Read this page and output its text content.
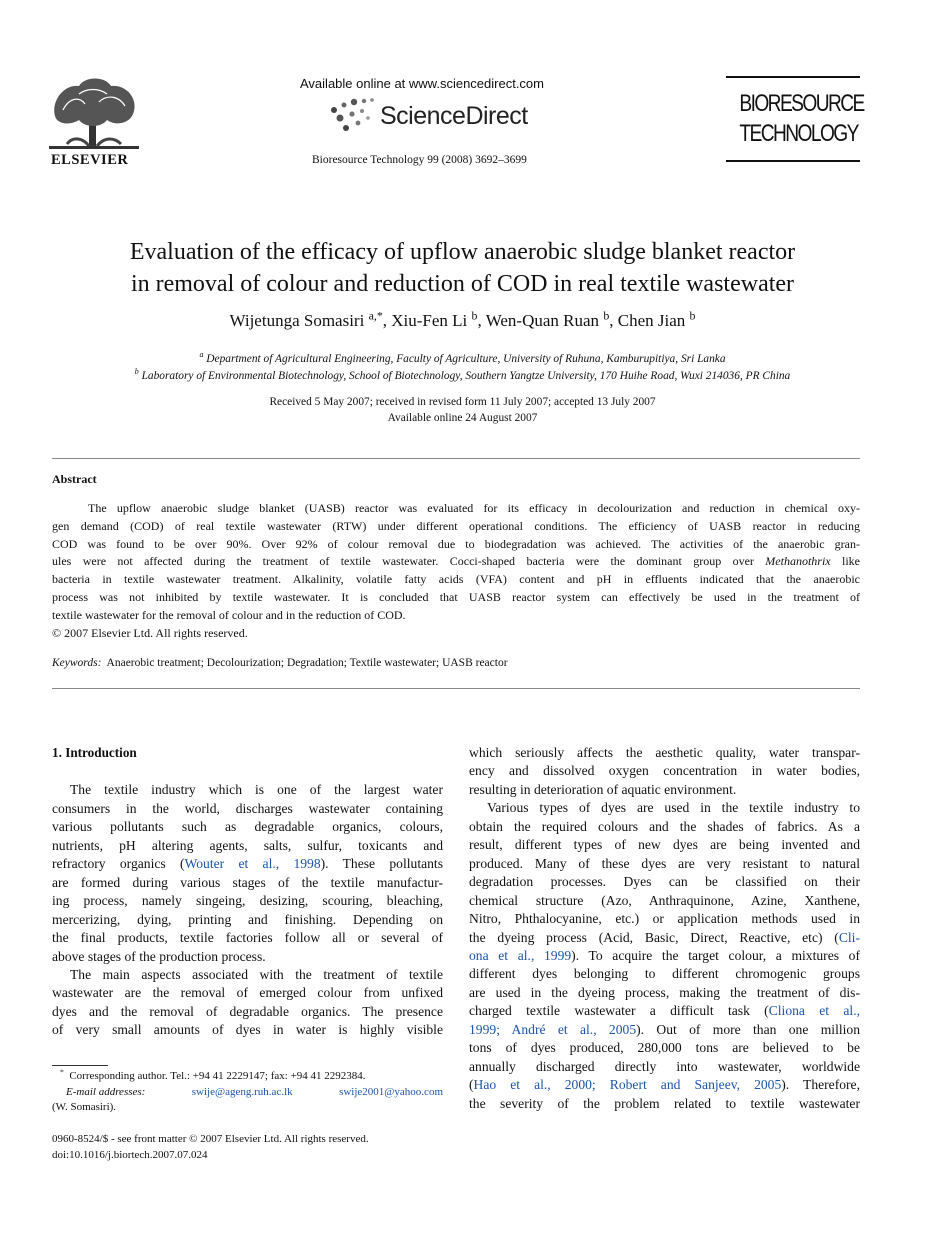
ELSEVIER
Available online at www.sciencedirect.com
ScienceDirect
Bioresource Technology 99 (2008) 3692–3699
BIORESOURCE
TECHNOLOGY
Evaluation of the efficacy of upflow anaerobic sludge blanket reactor
in removal of colour and reduction of COD in real textile wastewater
Wijetunga Somasiri $^{a,*}$, Xiu-Fen Li $^b$, Wen-Quan Ruan $^b$, Chen Jian $^b$
$^a$ Department of Agricultural Engineering, Faculty of Agriculture, University of Ruhuna, Kamburupitiya, Sri Lanka
$^b$ Laboratory of Environmental Biotechnology, School of Biotechnology, Southern Yangtze University, 170 Huihe Road, Wuxi 214036, PR China
Received 5 May 2007; received in revised form 11 July 2007; accepted 13 July 2007
Available online 24 August 2007
Abstract
The upflow anaerobic sludge blanket (UASB) reactor was evaluated for its efficacy in decolourization and reduction in chemical oxy-
gen demand (COD) of real textile wastewater (RTW) under different operational conditions. The efficiency of UASB reactor in reducing
COD was found to be over 90%. Over 92% of colour removal due to biodegradation was achieved. The activities of the anaerobic gran-
ules were not affected during the treatment of textile wastewater. Cocci-shaped bacteria were the dominant group over Methanothrix like
bacteria in textile wastewater treatment. Alkalinity, volatile fatty acids (VFA) content and pH in effluents indicated that the anaerobic
process was not inhibited by textile wastewater. It is concluded that UASB reactor system can effectively be used in the treatment of
textile wastewater for the removal of colour and in the reduction of COD.
© 2007 Elsevier Ltd. All rights reserved.
Keywords: Anaerobic treatment; Decolourization; Degradation; Textile wastewater; UASB reactor
1. Introduction
The textile industry which is one of the largest water
consumers in the world, discharges wastewater containing
various pollutants such as degradable organics, colours,
nutrients, pH altering agents, salts, sulfur, toxicants and
refractory organics (Wouter et al., 1998). These pollutants
are formed during various stages of the textile manufactur-
ing process, namely singeing, desizing, scouring, bleaching,
mercerizing, dying, printing and finishing. Depending on
the final products, textile factories follow all or several of
above stages of the production process.
The main aspects associated with the treatment of textile
wastewater are the removal of emerged colour from unfixed
dyes and the removal of degradable organics. The presence
of very small amounts of dyes in water is highly visible
which seriously affects the aesthetic quality, water transpar-
ency and dissolved oxygen concentration in water bodies,
resulting in deterioration of aquatic environment.
Various types of dyes are used in the textile industry to
obtain the required colours and the shades of fabrics. As a
result, different types of new dyes are being invented and
produced. Many of these dyes are very resistant to natural
degradation processes. Dyes can be classified on their
chemical structure (Azo, Anthraquinone, Azine, Xanthene,
Nitro, Phthalocyanine, etc.) or application methods used in
the dyeing process (Acid, Basic, Direct, Reactive, etc) (Cli-
ona et al., 1999). To acquire the target colour, a mixtures of
different dyes belonging to different chromogenic groups
are used in the dyeing process, making the treatment of dis-
charged textile wastewater a difficult task (Cliona et al.,
1999; André et al., 2005). Out of more than one million
tons of dyes produced, 280,000 tons are believed to be
annually discharged directly into wastewater, worldwide
(Hao et al., 2000; Robert and Sanjeev, 2005). Therefore,
the severity of the problem related to textile wastewater
* Corresponding author. Tel.: +94 41 2229147; fax: +94 41 2292384.
E-mail addresses:	swije@ageng.ruh.ac.lk	swije2001@yahoo.com
(W. Somasiri).
0960-8524/$ - see front matter © 2007 Elsevier Ltd. All rights reserved.
doi:10.1016/j.biortech.2007.07.024
